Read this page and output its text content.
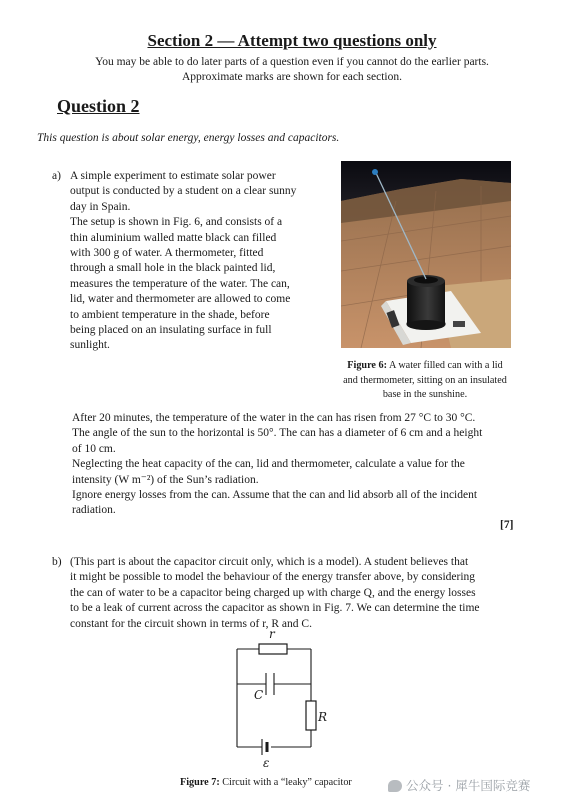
Section 2 — Attempt two questions only
You may be able to do later parts of a question even if you cannot do the earlier parts.
Approximate marks are shown for each section.
Question 2
This question is about solar energy, energy losses and capacitors.
a) A simple experiment to estimate solar power
output is conducted by a student on a clear sunny
day in Spain.
The setup is shown in Fig. 6, and consists of a
thin aluminium walled matte black can filled
with 300 g of water. A thermometer, fitted
through a small hole in the black painted lid,
measures the temperature of the water. The can,
lid, water and thermometer are allowed to come
to ambient temperature in the shade, before
being placed on an insulating surface in full
sunlight.
Figure 6: A water filled can with a lid
and thermometer, sitting on an insulated
base in the sunshine.
After 20 minutes, the temperature of the water in the can has risen from 27 °C to 30 °C.
The angle of the sun to the horizontal is 50°. The can has a diameter of 6 cm and a height
of 10 cm.
Neglecting the heat capacity of the can, lid and thermometer, calculate a value for the
intensity (W m⁻²) of the Sun’s radiation.
Ignore energy losses from the can. Assume that the can and lid absorb all of the incident
radiation.
[7]
b) (This part is about the capacitor circuit only, which is a model). A student believes that
it might be possible to model the behaviour of the energy transfer above, by considering
the can of water to be a capacitor being charged up with charge Q, and the energy losses
to be a leak of current across the capacitor as shown in Fig. 7. We can determine the time
constant for the circuit shown in terms of r, R and C.
r
C
R
ε
Figure 7: Circuit with a “leaky” capacitor	公众号 · 犀牛国际竞赛
